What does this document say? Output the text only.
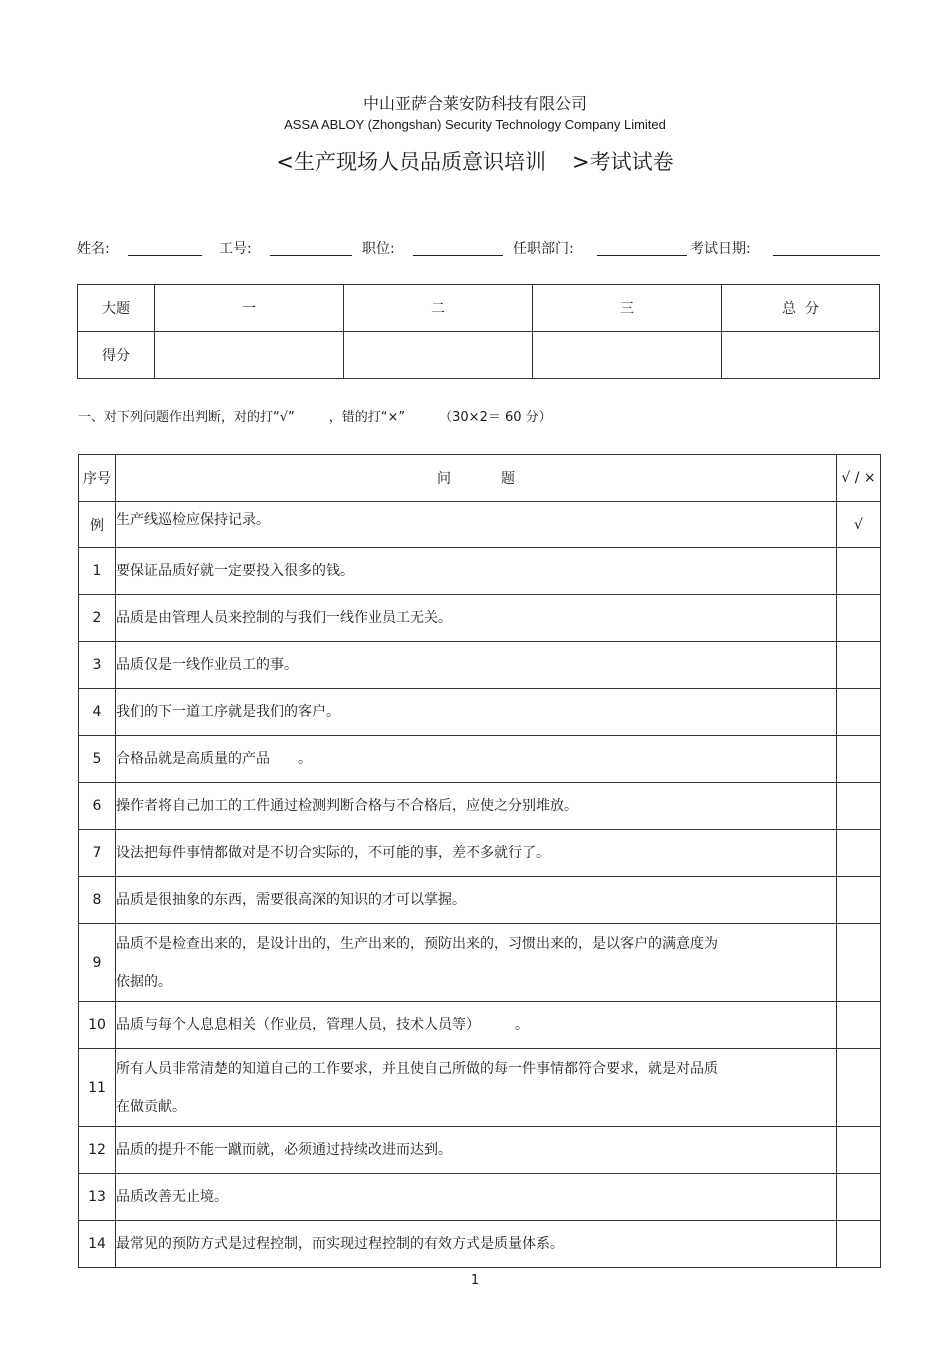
中山亚萨合莱安防科技有限公司
ASSA ABLOY (Zhongshan) Security Technology Company Limited
<生产现场人员品质意识培训 >考试试卷
姓名:	工号:	职位:	任职部门:	考试日期:
大题	一	二	三	总  分
得分				
一、对下列问题作出判断，对的打“√”	，错的打“×”	（30×2＝ 60 分）
序号	问 题	√ / ×
例	生产线巡检应保持记录。	√
1	要保证品质好就一定要投入很多的钱。	
2	品质是由管理人员来控制的与我们一线作业员工无关。	
3	品质仅是一线作业员工的事。	
4	我们的下一道工序就是我们的客户。	
5	合格品就是高质量的产品　　。	
6	操作者将自己加工的工件通过检测判断合格与不合格后，应使之分别堆放。	
7	设法把每件事情都做对是不切合实际的，不可能的事，差不多就行了。	
8	品质是很抽象的东西，需要很高深的知识的才可以掌握。	
9	品质不是检查出来的，是设计出的，生产出来的，预防出来的，习惯出来的，是以客户的满意度为
依据的。	

10	品质与每个人息息相关（作业员，管理人员，技术人员等）　　　。	
11	所有人员非常清楚的知道自己的工作要求，并且使自己所做的每一件事情都符合要求，就是对品质
在做贡献。	

12	品质的提升不能一蹴而就，必须通过持续改进而达到。	
13	品质改善无止境。	
14	最常见的预防方式是过程控制，而实现过程控制的有效方式是质量体系。	
1
